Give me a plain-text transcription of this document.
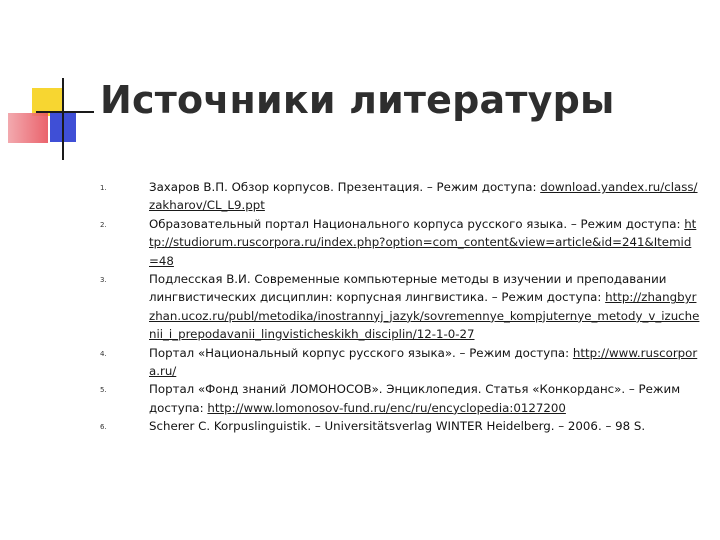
Источники литературы
1.	Захаров В.П. Обзор корпусов. Презентация. – Режим доступа: download.yandex.ru/class/zakharov/CL_L9.ppt
2.	Образовательный портал Национального корпуса русского языка. – Режим доступа: http://studiorum.ruscorpora.ru/index.php?option=com_content&view=article&id=241&Itemid=48
3.	Подлесская В.И. Современные компьютерные методы в изучении и преподавании лингвистических дисциплин: корпусная лингвистика. – Режим доступа: http://zhangbyrzhan.ucoz.ru/publ/metodika/inostrannyj_jazyk/sovremennye_kompjuternye_metody_v_izuchenii_i_prepodavanii_lingvisticheskikh_disciplin/12-1-0-27
4.	Портал «Национальный корпус русского языка». – Режим доступа: http://www.ruscorpora.ru/
5.	Портал «Фонд знаний ЛОМОНОСОВ». Энциклопедия. Статья «Конкорданс». – Режим доступа: http://www.lomonosov-fund.ru/enc/ru/encyclopedia:0127200
6.	Scherer C. Korpuslinguistik. – Universitätsverlag WINTER Heidelberg. – 2006. – 98 S.
